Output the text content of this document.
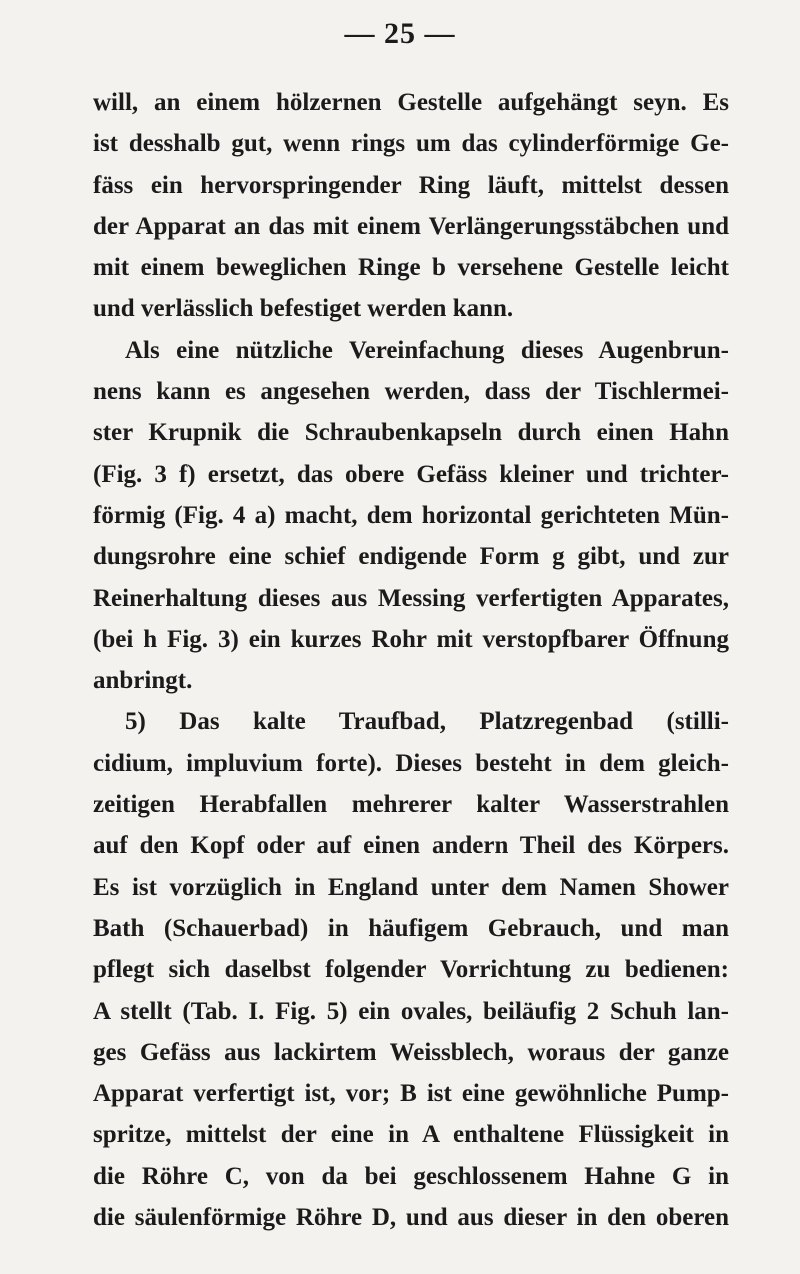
— 25 —
will, an einem hölzernen Gestelle aufgehängt seyn. Es
ist desshalb gut, wenn rings um das cylinderförmige Ge-
fäss ein hervorspringender Ring läuft, mittelst dessen
der Apparat an das mit einem Verlängerungsstäbchen und
mit einem beweglichen Ringe b versehene Gestelle leicht
und verlässlich befestiget werden kann.
Als eine nützliche Vereinfachung dieses Augenbrun-
nens kann es angesehen werden, dass der Tischlermei-
ster Krupnik die Schraubenkapseln durch einen Hahn
(Fig. 3 f) ersetzt, das obere Gefäss kleiner und trichter-
förmig (Fig. 4 a) macht, dem horizontal gerichteten Mün-
dungsrohre eine schief endigende Form g gibt, und zur
Reinerhaltung dieses aus Messing verfertigten Apparates,
(bei h Fig. 3) ein kurzes Rohr mit verstopfbarer Öffnung
anbringt.
5) Das kalte Traufbad, Platzregenbad (stilli-
cidium, impluvium forte). Dieses besteht in dem gleich-
zeitigen Herabfallen mehrerer kalter Wasserstrahlen
auf den Kopf oder auf einen andern Theil des Körpers.
Es ist vorzüglich in England unter dem Namen Shower
Bath (Schauerbad) in häufigem Gebrauch, und man
pflegt sich daselbst folgender Vorrichtung zu bedienen:
A stellt (Tab. I. Fig. 5) ein ovales, beiläufig 2 Schuh lan-
ges Gefäss aus lackirtem Weissblech, woraus der ganze
Apparat verfertigt ist, vor; B ist eine gewöhnliche Pump-
spritze, mittelst der eine in A enthaltene Flüssigkeit in
die Röhre C, von da bei geschlossenem Hahne G in
die säulenförmige Röhre D, und aus dieser in den oberen
